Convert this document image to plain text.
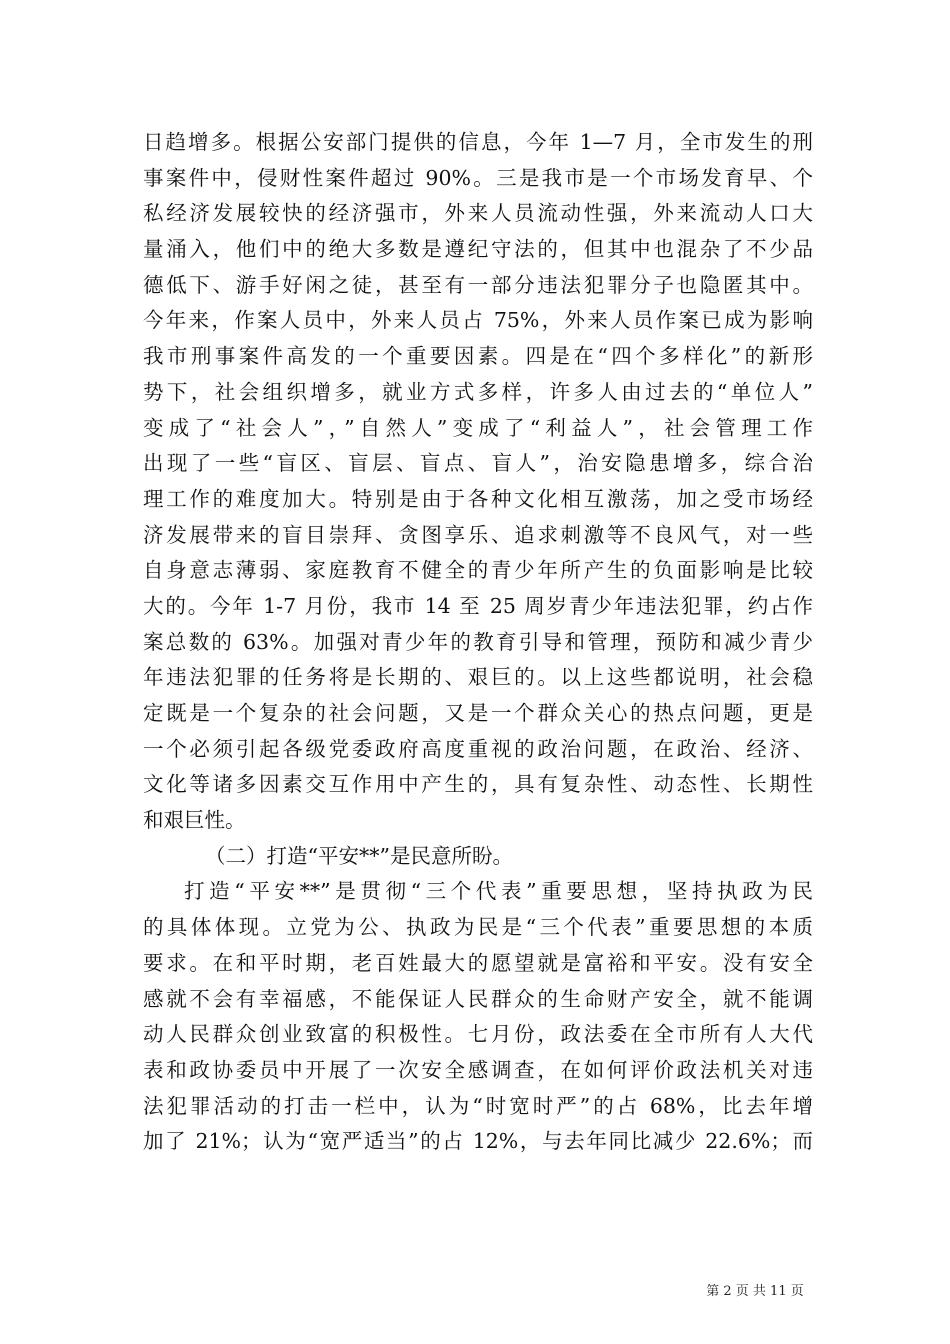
日趋增多。根据公安部门提供的信息，今年 1—7 月，全市发生的刑
事案件中，侵财性案件超过 90%。三是我市是一个市场发育早、个
私经济发展较快的经济强市，外来人员流动性强，外来流动人口大
量涌入，他们中的绝大多数是遵纪守法的，但其中也混杂了不少品
德低下、游手好闲之徒，甚至有一部分违法犯罪分子也隐匿其中。
今年来，作案人员中，外来人员占 75%，外来人员作案已成为影响
我市刑事案件高发的一个重要因素。四是在“四个多样化”的新形
势下，社会组织增多，就业方式多样，许多人由过去的“单位人”
变成了“社会人”，”自然人”变成了“利益人”，社会管理工作
出现了一些“盲区、盲层、盲点、盲人”，治安隐患增多，综合治
理工作的难度加大。特别是由于各种文化相互激荡，加之受市场经
济发展带来的盲目崇拜、贪图享乐、追求刺激等不良风气，对一些
自身意志薄弱、家庭教育不健全的青少年所产生的负面影响是比较
大的。今年 1-7 月份，我市 14 至 25 周岁青少年违法犯罪，约占作
案总数的 63%。加强对青少年的教育引导和管理，预防和减少青少
年违法犯罪的任务将是长期的、艰巨的。以上这些都说明，社会稳
定既是一个复杂的社会问题，又是一个群众关心的热点问题，更是
一个必须引起各级党委政府高度重视的政治问题，在政治、经济、
文化等诸多因素交互作用中产生的，具有复杂性、动态性、长期性
和艰巨性。
（二）打造“平安**”是民意所盼。
打造“平安**”是贯彻“三个代表”重要思想，坚持执政为民
的具体体现。立党为公、执政为民是“三个代表”重要思想的本质
要求。在和平时期，老百姓最大的愿望就是富裕和平安。没有安全
感就不会有幸福感，不能保证人民群众的生命财产安全，就不能调
动人民群众创业致富的积极性。七月份，政法委在全市所有人大代
表和政协委员中开展了一次安全感调查，在如何评价政法机关对违
法犯罪活动的打击一栏中，认为“时宽时严”的占 68%，比去年增
加了 21%；认为“宽严适当”的占 12%，与去年同比减少 22.6%；而
第 2 页 共 11 页
